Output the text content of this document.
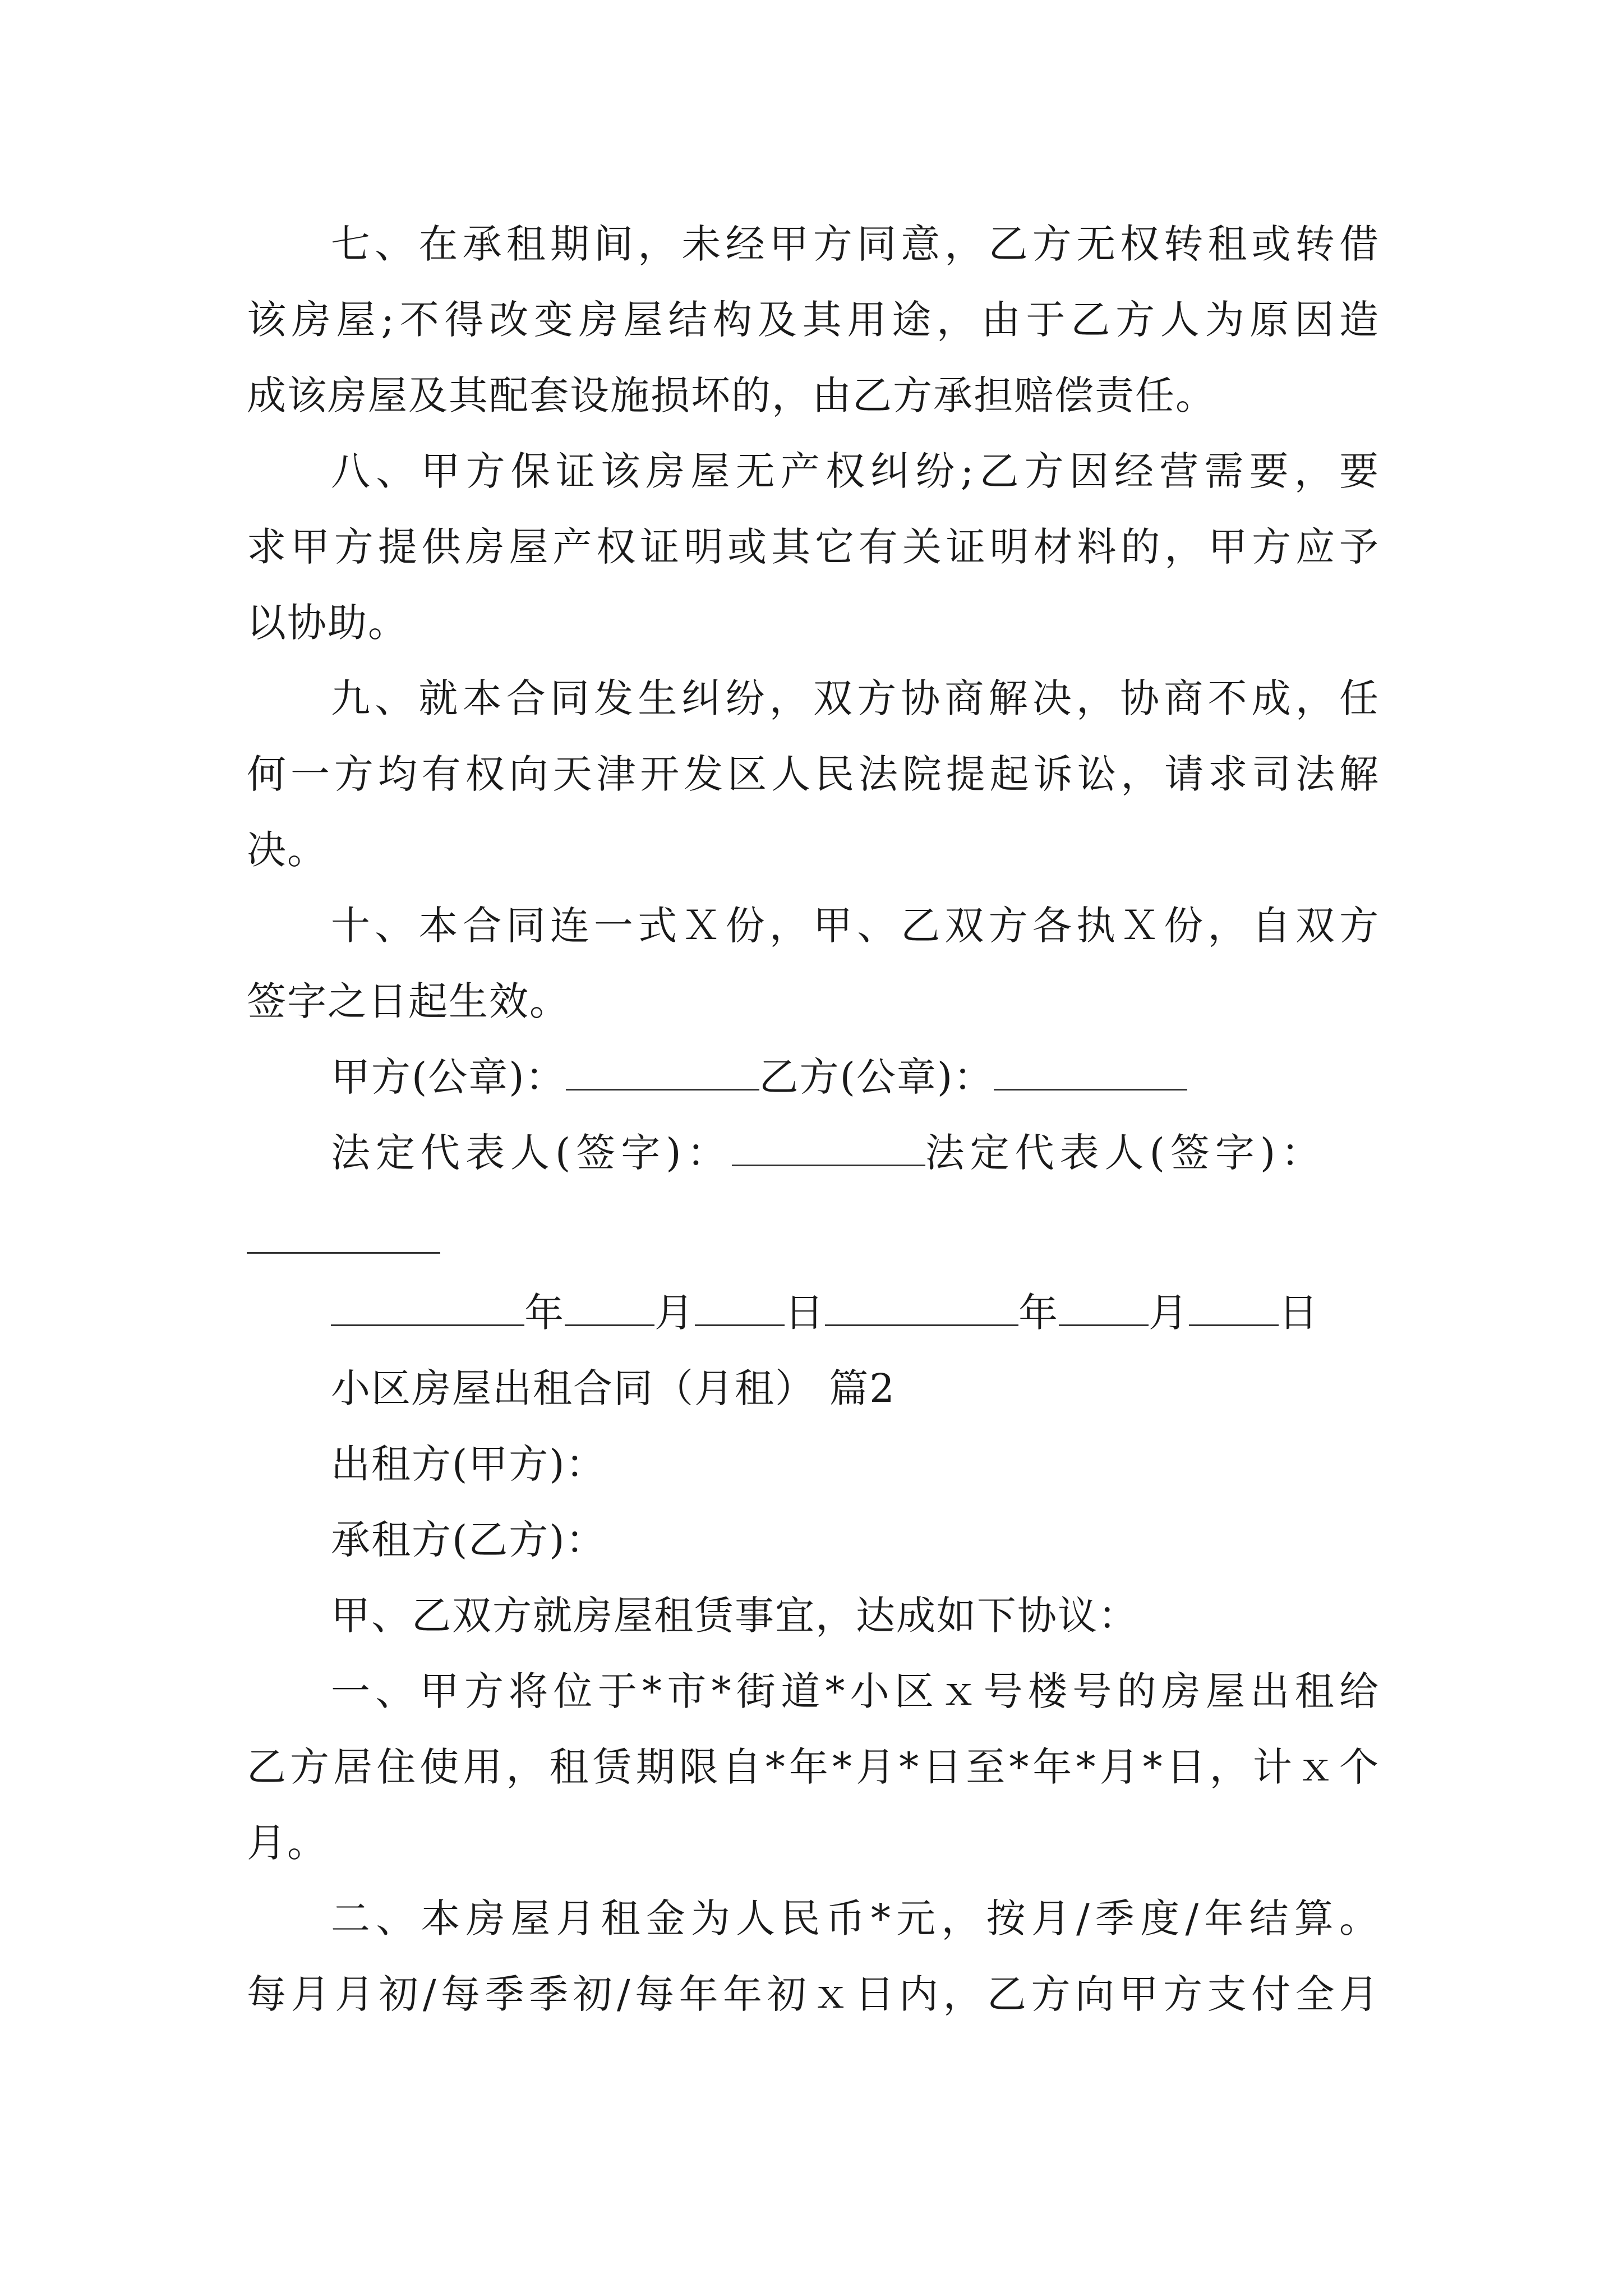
七、在承租期间，未经甲方同意，乙方无权转租或转借
该房屋;不得改变房屋结构及其用途，由于乙方人为原因造
成该房屋及其配套设施损坏的，由乙方承担赔偿责任。
八、甲方保证该房屋无产权纠纷;乙方因经营需要，要
求甲方提供房屋产权证明或其它有关证明材料的，甲方应予
以协助。
九、就本合同发生纠纷，双方协商解决，协商不成，任
何一方均有权向天津开发区人民法院提起诉讼，请求司法解
决。
十、本合同连一式Ｘ份，甲、乙双方各执Ｘ份，自双方
签字之日起生效。
甲方(公章)：	乙方(公章)：
法定代表人(签字)：	法定代表人(签字)：
年 月 日	年 月 日
小区房屋出租合同（月租） 篇2
出租方(甲方)：
承租方(乙方)：
甲、乙双方就房屋租赁事宜，达成如下协议：
一、甲方将位于*市*街道*小区ｘ号楼号的房屋出租给
乙方居住使用，租赁期限自*年*月*日至*年*月*日，计ｘ个
月。
二、本房屋月租金为人民币*元，按月/季度/年结算。
每月月初/每季季初/每年年初ｘ日内，乙方向甲方支付全月
